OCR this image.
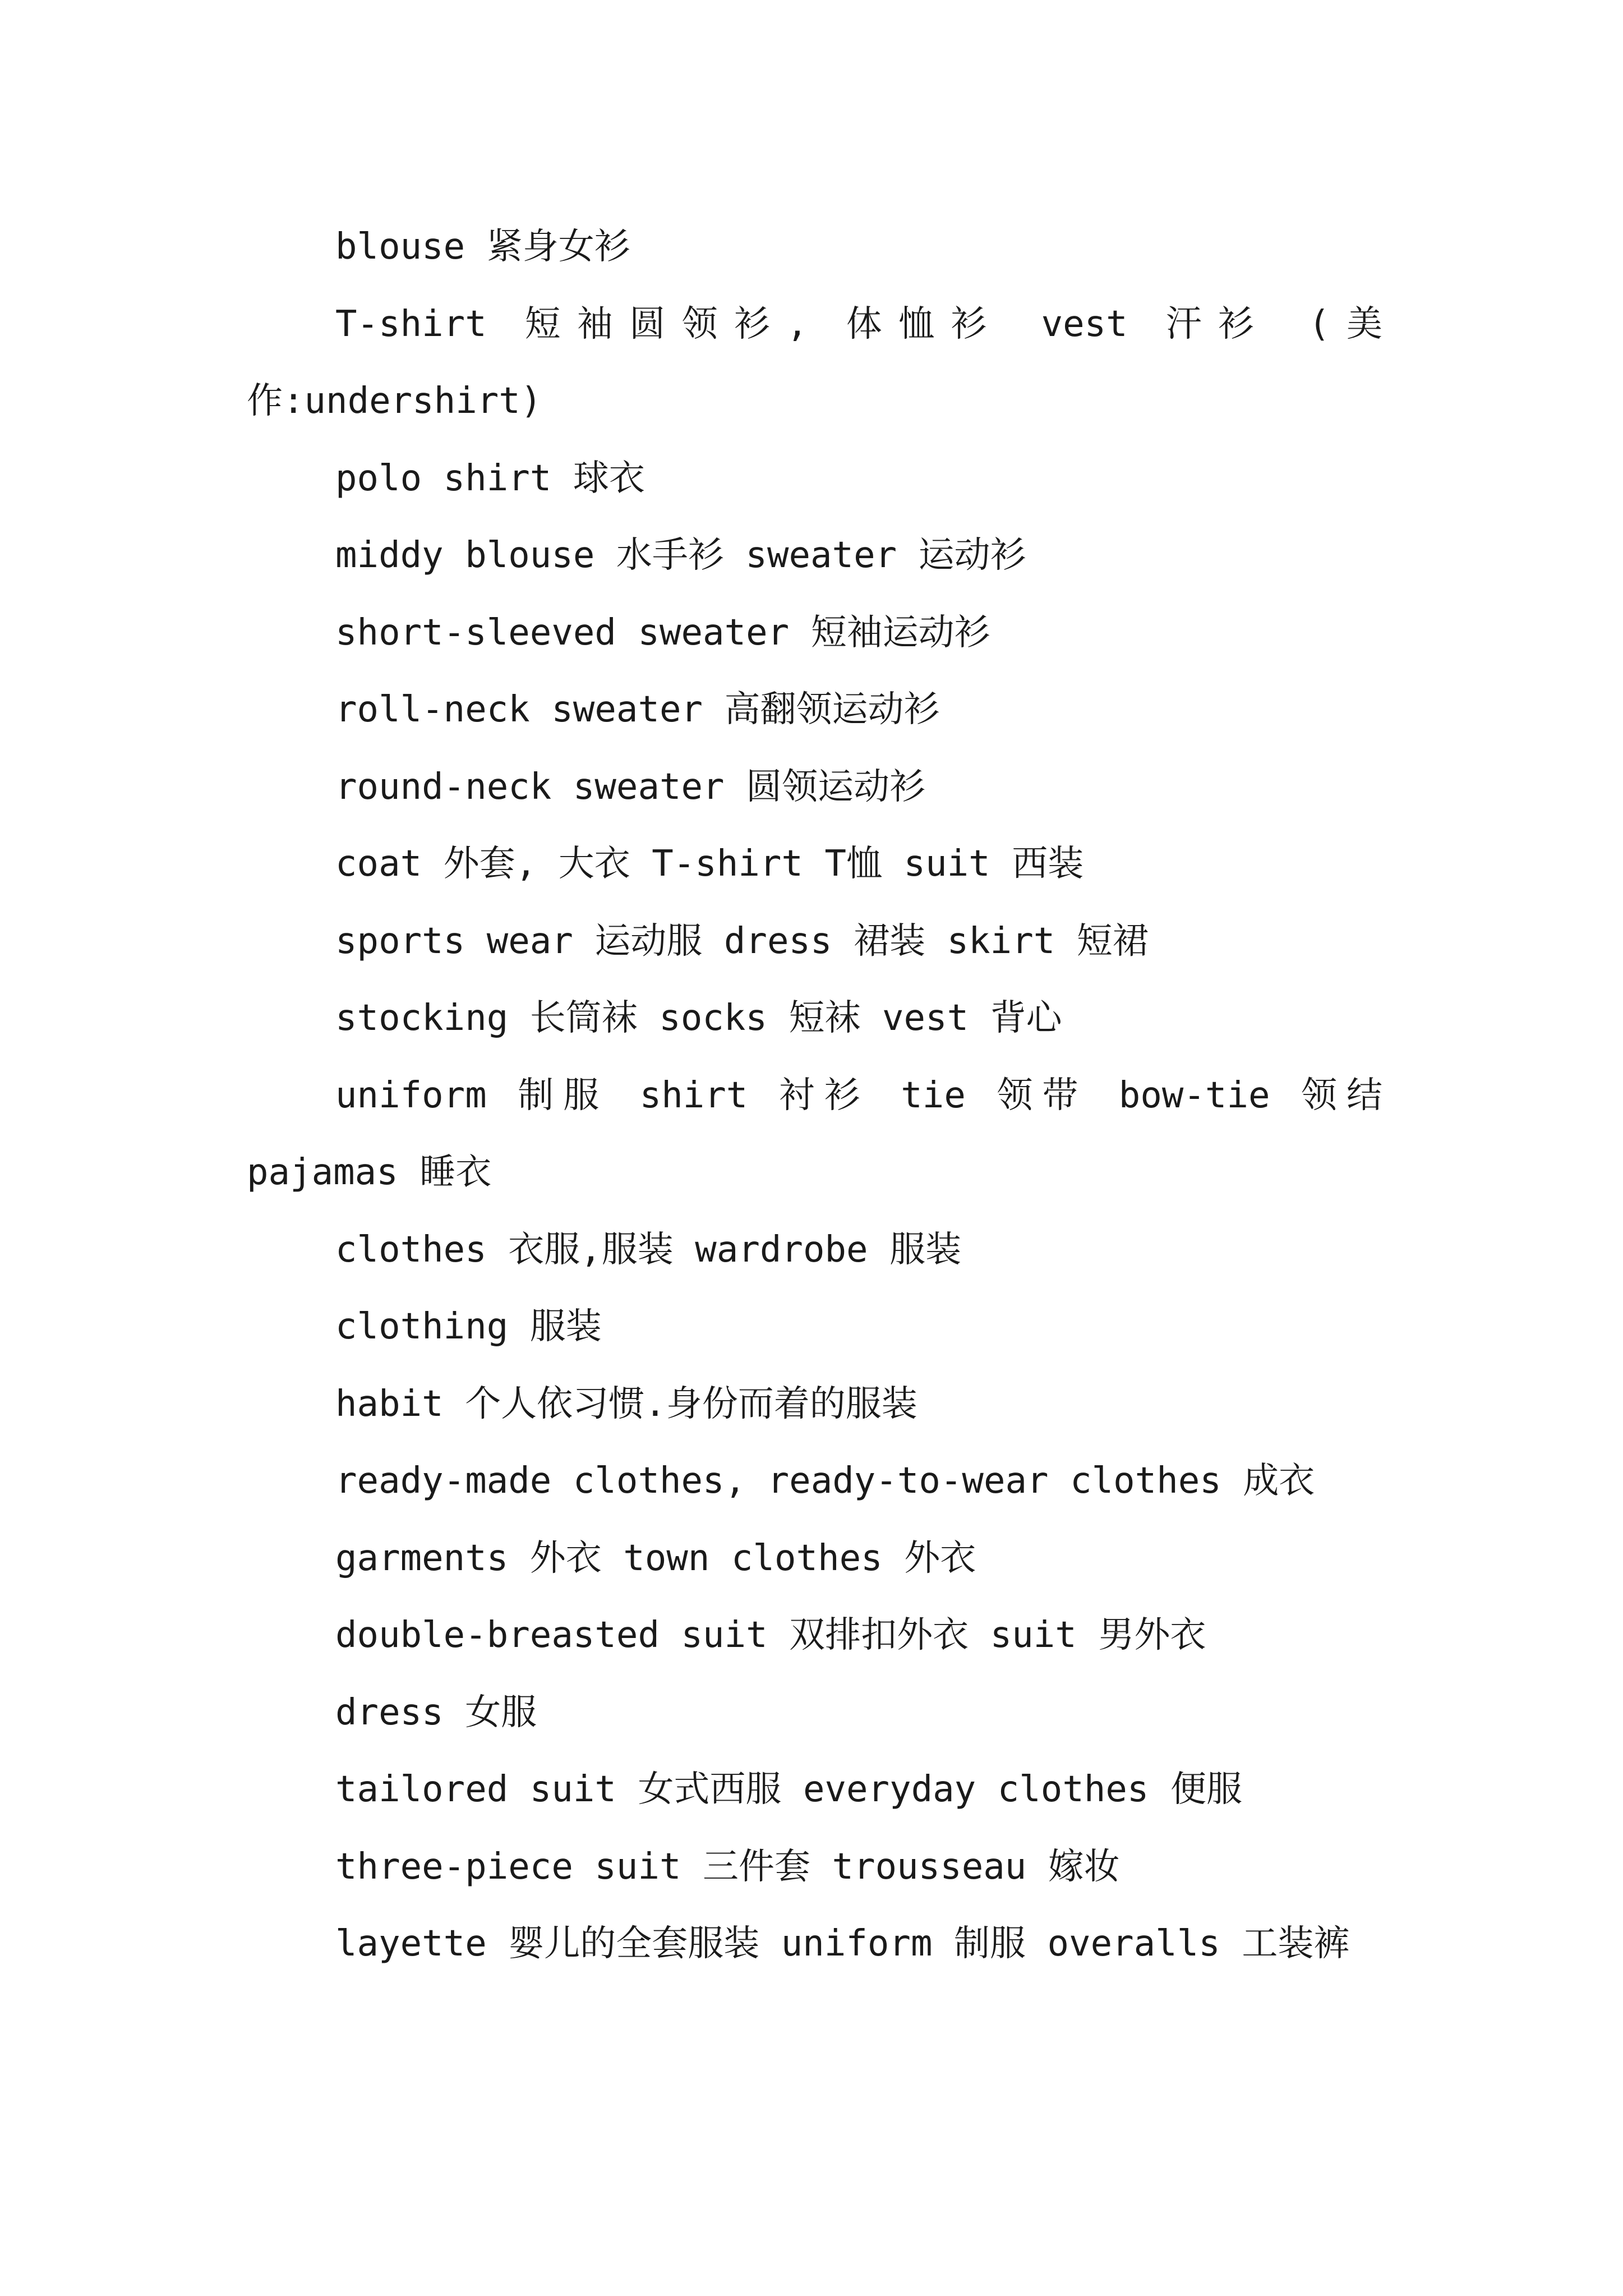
blouse 紧身女衫

T-shirt 短袖圆领衫, 体恤衫 vest 汗衫 (美作:undershirt)

polo shirt 球衣

middy blouse 水手衫 sweater 运动衫

short-sleeved sweater 短袖运动衫

roll-neck sweater 高翻领运动衫

round-neck sweater 圆领运动衫

coat 外套, 大衣 T-shirt T恤 suit 西装

sports wear 运动服 dress 裙装 skirt 短裙

stocking 长筒袜 socks 短袜 vest 背心

uniform 制服 shirt 衬衫 tie 领带 bow-tie 领结 pajamas 睡衣

clothes 衣服,服装 wardrobe 服装

clothing 服装

habit 个人依习惯.身份而着的服装

ready-made clothes, ready-to-wear clothes 成衣

garments 外衣 town clothes 外衣

double-breasted suit 双排扣外衣 suit 男外衣

dress 女服

tailored suit 女式西服 everyday clothes 便服

three-piece suit 三件套 trousseau 嫁妆

layette 婴儿的全套服装 uniform 制服 overalls 工装裤
